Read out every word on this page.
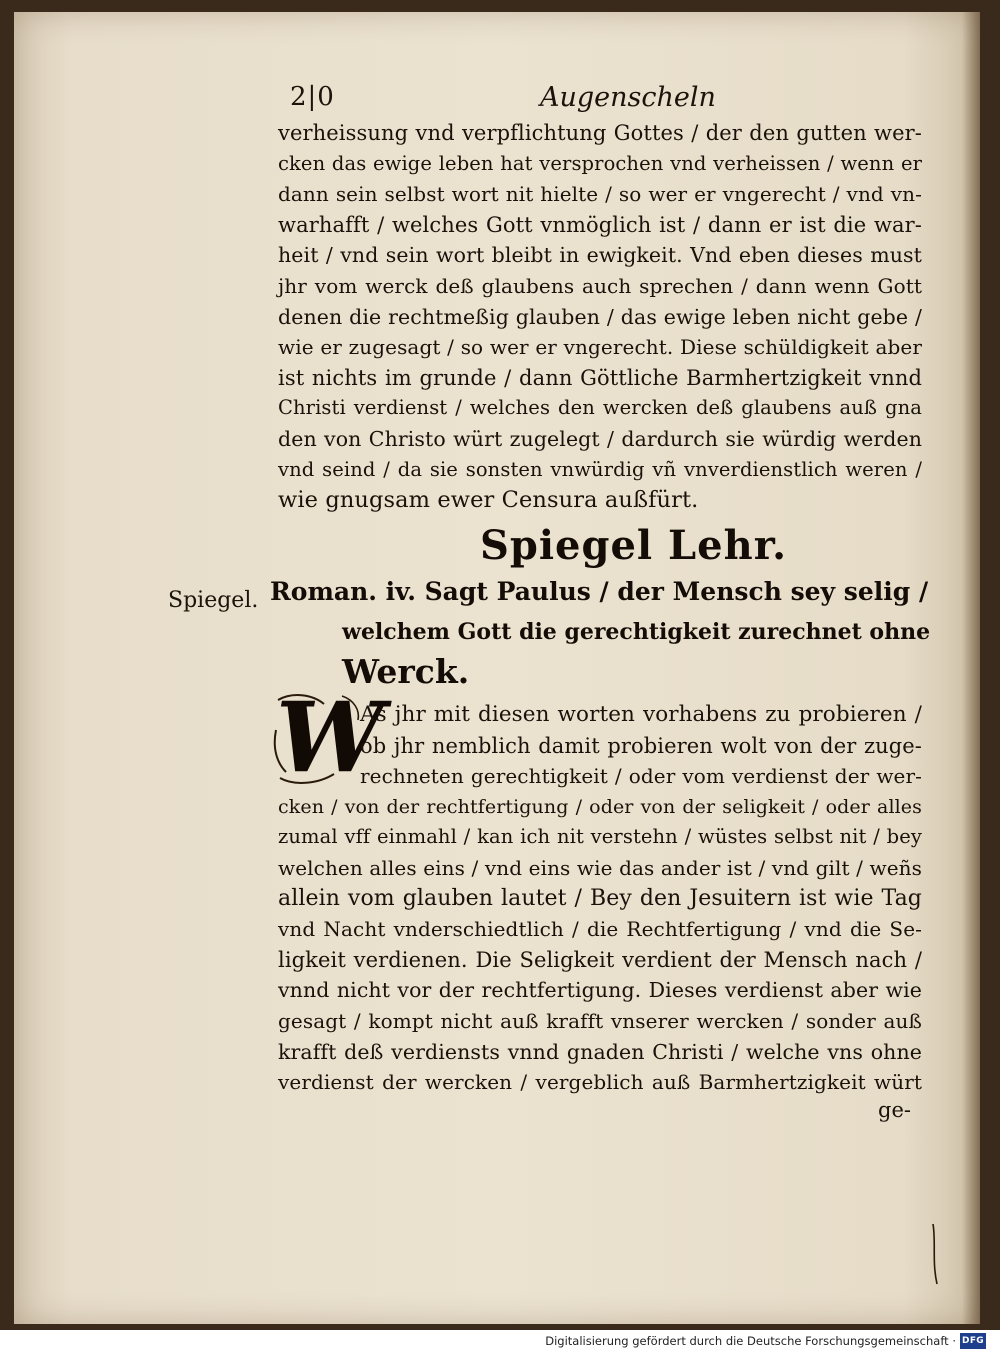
2|0	Augenscheln
verheissung vnd verpflichtung Gottes / der den gutten wer-
cken das ewige leben hat versprochen vnd verheissen / wenn er
dann sein selbst wort nit hielte / so wer er vngerecht / vnd vn-
warhafft / welches Gott vnmöglich ist / dann er ist die war-
heit / vnd sein wort bleibt in ewigkeit. Vnd eben dieses must
jhr vom werck deß glaubens auch sprechen / dann wenn Gott
denen die rechtmeßig glauben / das ewige leben nicht gebe /
wie er zugesagt / so wer er vngerecht. Diese schüldigkeit aber
ist nichts im grunde / dann Göttliche Barmhertzigkeit vnnd
Christi verdienst / welches den wercken deß glaubens auß gna
den von Christo würt zugelegt / dardurch sie würdig werden
vnd seind / da sie sonsten vnwürdig vñ vnverdienstlich weren /
wie gnugsam ewer Censura außfürt.
Spiegel Lehr.
Spiegel. Roman. iv. Sagt Paulus / der Mensch sey selig /
welchem Gott die gerechtigkeit zurechnet ohne
Werck.
W
As jhr mit diesen worten vorhabens zu probieren /
ob jhr nemblich damit probieren wolt von der zuge-
rechneten gerechtigkeit / oder vom verdienst der wer-
cken / von der rechtfertigung / oder von der seligkeit / oder alles
zumal vff einmahl / kan ich nit verstehn / wüstes selbst nit / bey
welchen alles eins / vnd eins wie das ander ist / vnd gilt / weñs
allein vom glauben lautet / Bey den Jesuitern ist wie Tag
vnd Nacht vnderschiedtlich / die Rechtfertigung / vnd die Se-
ligkeit verdienen. Die Seligkeit verdient der Mensch nach /
vnnd nicht vor der rechtfertigung. Dieses verdienst aber wie
gesagt / kompt nicht auß krafft vnserer wercken / sonder auß
krafft deß verdiensts vnnd gnaden Christi / welche vns ohne
verdienst der wercken / vergeblich auß Barmhertzigkeit würt
ge-
Digitalisierung gefördert durch die Deutsche Forschungsgemeinschaft · DFG
